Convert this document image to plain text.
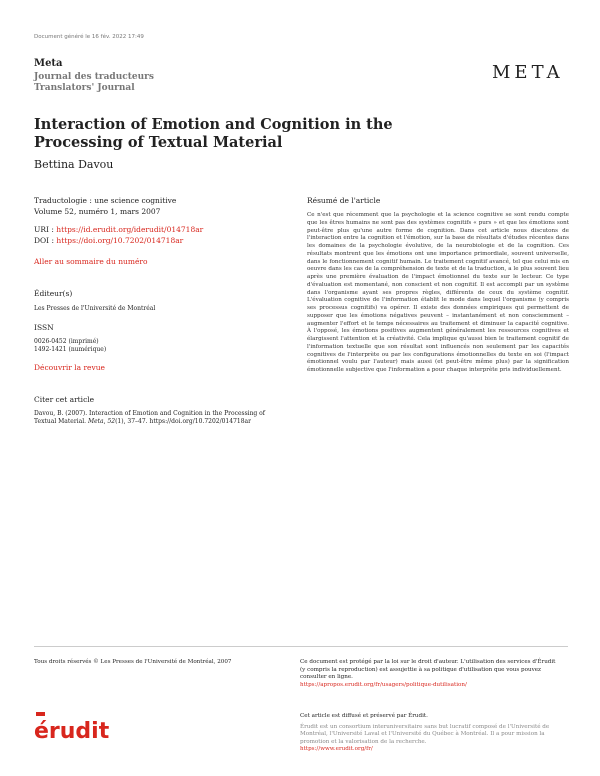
Document généré le 16 fév. 2022 17:49
Meta
Journal des traducteurs
Translators' Journal
META
Interaction of Emotion and Cognition in the Processing of Textual Material
Bettina Davou
Traductologie : une science cognitive
Volume 52, numéro 1, mars 2007
URI : https://id.erudit.org/iderudit/014718ar
DOI : https://doi.org/10.7202/014718ar
Aller au sommaire du numéro
Éditeur(s)
Les Presses de l'Université de Montréal
ISSN
0026-0452 (imprimé)
1492-1421 (numérique)
Découvrir la revue
Citer cet article
Davou, B. (2007). Interaction of Emotion and Cognition in the Processing of
Textual Material. Meta, 52(1), 37–47. https://doi.org/10.7202/014718ar
Résumé de l'article
Ce n'est que récemment que la psychologie et la science cognitive se sont rendu compte que les êtres humains ne sont pas des systèmes cognitifs « purs » et que les émotions sont peut-être plus qu'une autre forme de cognition. Dans cet article nous discutons de l'interaction entre la cognition et l'émotion, sur la base de résultats d'études récentes dans les domaines de la psychologie évolutive, de la neurobiologie et de la cognition. Ces résultats montrent que les émotions ont une importance primordiale, souvent universelle, dans le fonctionnement cognitif humain. Le traitement cognitif avancé, tel que celui mis en oeuvre dans les cas de la compréhension de texte et de la traduction, a le plus souvent lieu après une première évaluation de l'impact émotionnel du texte sur le lecteur. Ce type d'évaluation est momentané, non conscient et non cognitif. Il est accompli par un système dans l'organisme ayant ses propres règles, différents de ceux du système cognitif. L'évaluation cognitive de l'information établit le mode dans lequel l'organisme (y compris ses processus cognitifs) va opérer. Il existe des données empiriques qui permettent de supposer que les émotions négatives peuvent – instantanément et non consciemment – augmenter l'effort et le temps nécessaires au traitement et diminuer la capacité cognitive. À l'opposé, les émotions positives augmentent généralement les ressources cognitives et élargissent l'attention et la créativité. Cela implique qu'aussi bien le traitement cognitif de l'information textuelle que son résultat sont influencés non seulement par les capacités cognitives de l'interprète ou par les configurations émotionnelles du texte en soi (l'impact émotionnel voulu par l'auteur) mais aussi (et peut-être même plus) par la signification émotionnelle subjective que l'information a pour chaque interprète pris individuellement.
Tous droits réservés © Les Presses de l'Université de Montréal, 2007	Ce document est protégé par la loi sur le droit d'auteur. L'utilisation des services d'Érudit (y compris la reproduction) est assujettie à sa politique d'utilisation que vous pouvez consulter en ligne.
https://apropos.erudit.org/fr/usagers/politique-dutilisation/
érudit
Cet article est diffusé et préservé par Érudit.
Érudit est un consortium interuniversitaire sans but lucratif composé de l'Université de Montréal, l'Université Laval et l'Université du Québec à Montréal. Il a pour mission la promotion et la valorisation de la recherche.
https://www.erudit.org/fr/
